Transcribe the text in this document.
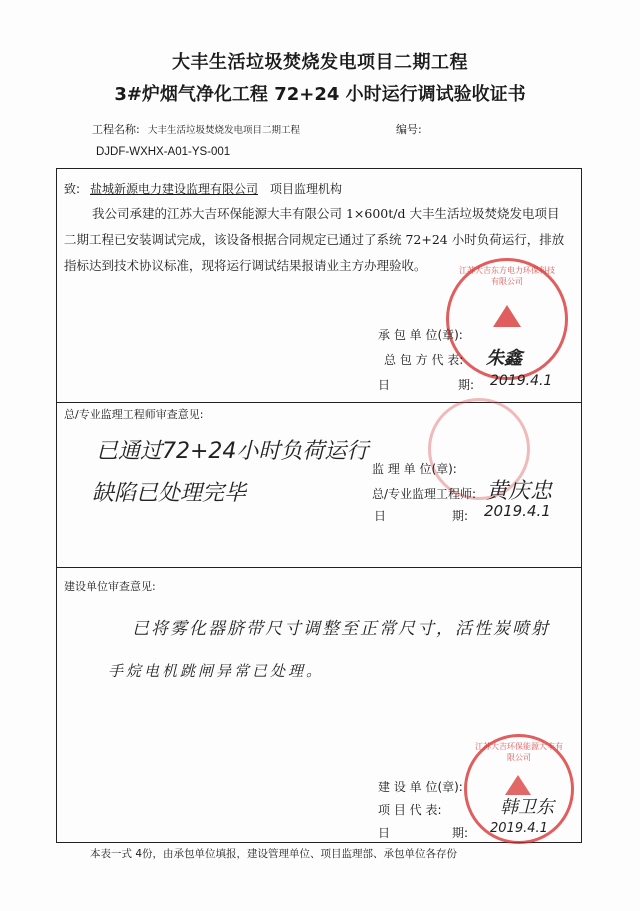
大丰生活垃圾焚烧发电项目二期工程
3#炉烟气净化工程 72+24 小时运行调试验收证书
工程名称: 大丰生活垃圾焚烧发电项目二期工程	编号:
DJDF-WXHX-A01-YS-001
致: 盐城新源电力建设监理有限公司 项目监理机构
我公司承建的江苏大吉环保能源大丰有限公司 1×600t/d 大丰生活垃圾焚烧发电项目
二期工程已安装调试完成，该设备根据合同规定已通过了系统 72+24 小时负荷运行，排放
指标达到技术协议标准，现将运行调试结果报请业主方办理验收。	江苏大吉东方电力环保科技有限公司
承 包 单 位(章):
总 包 方 代 表: 朱鑫
日	期: 2019.4.1
总/专业监理工程师审查意见:
已通过72+24小时负荷运行
缺陷已处理完毕
监 理 单 位(章):
总/专业监理工程师: 黄庆忠
日	期: 2019.4.1
建设单位审查意见:
已将雾化器脐带尺寸调整至正常尺寸，活性炭喷射
手烷电机跳闸异常已处理。
江苏大吉环保能源大丰有限公司
建 设 单 位(章):
项 目 代 表:	韩卫东
日	期: 2019.4.1
本表一式 4份，由承包单位填报，建设管理单位、项目监理部、承包单位各存份
